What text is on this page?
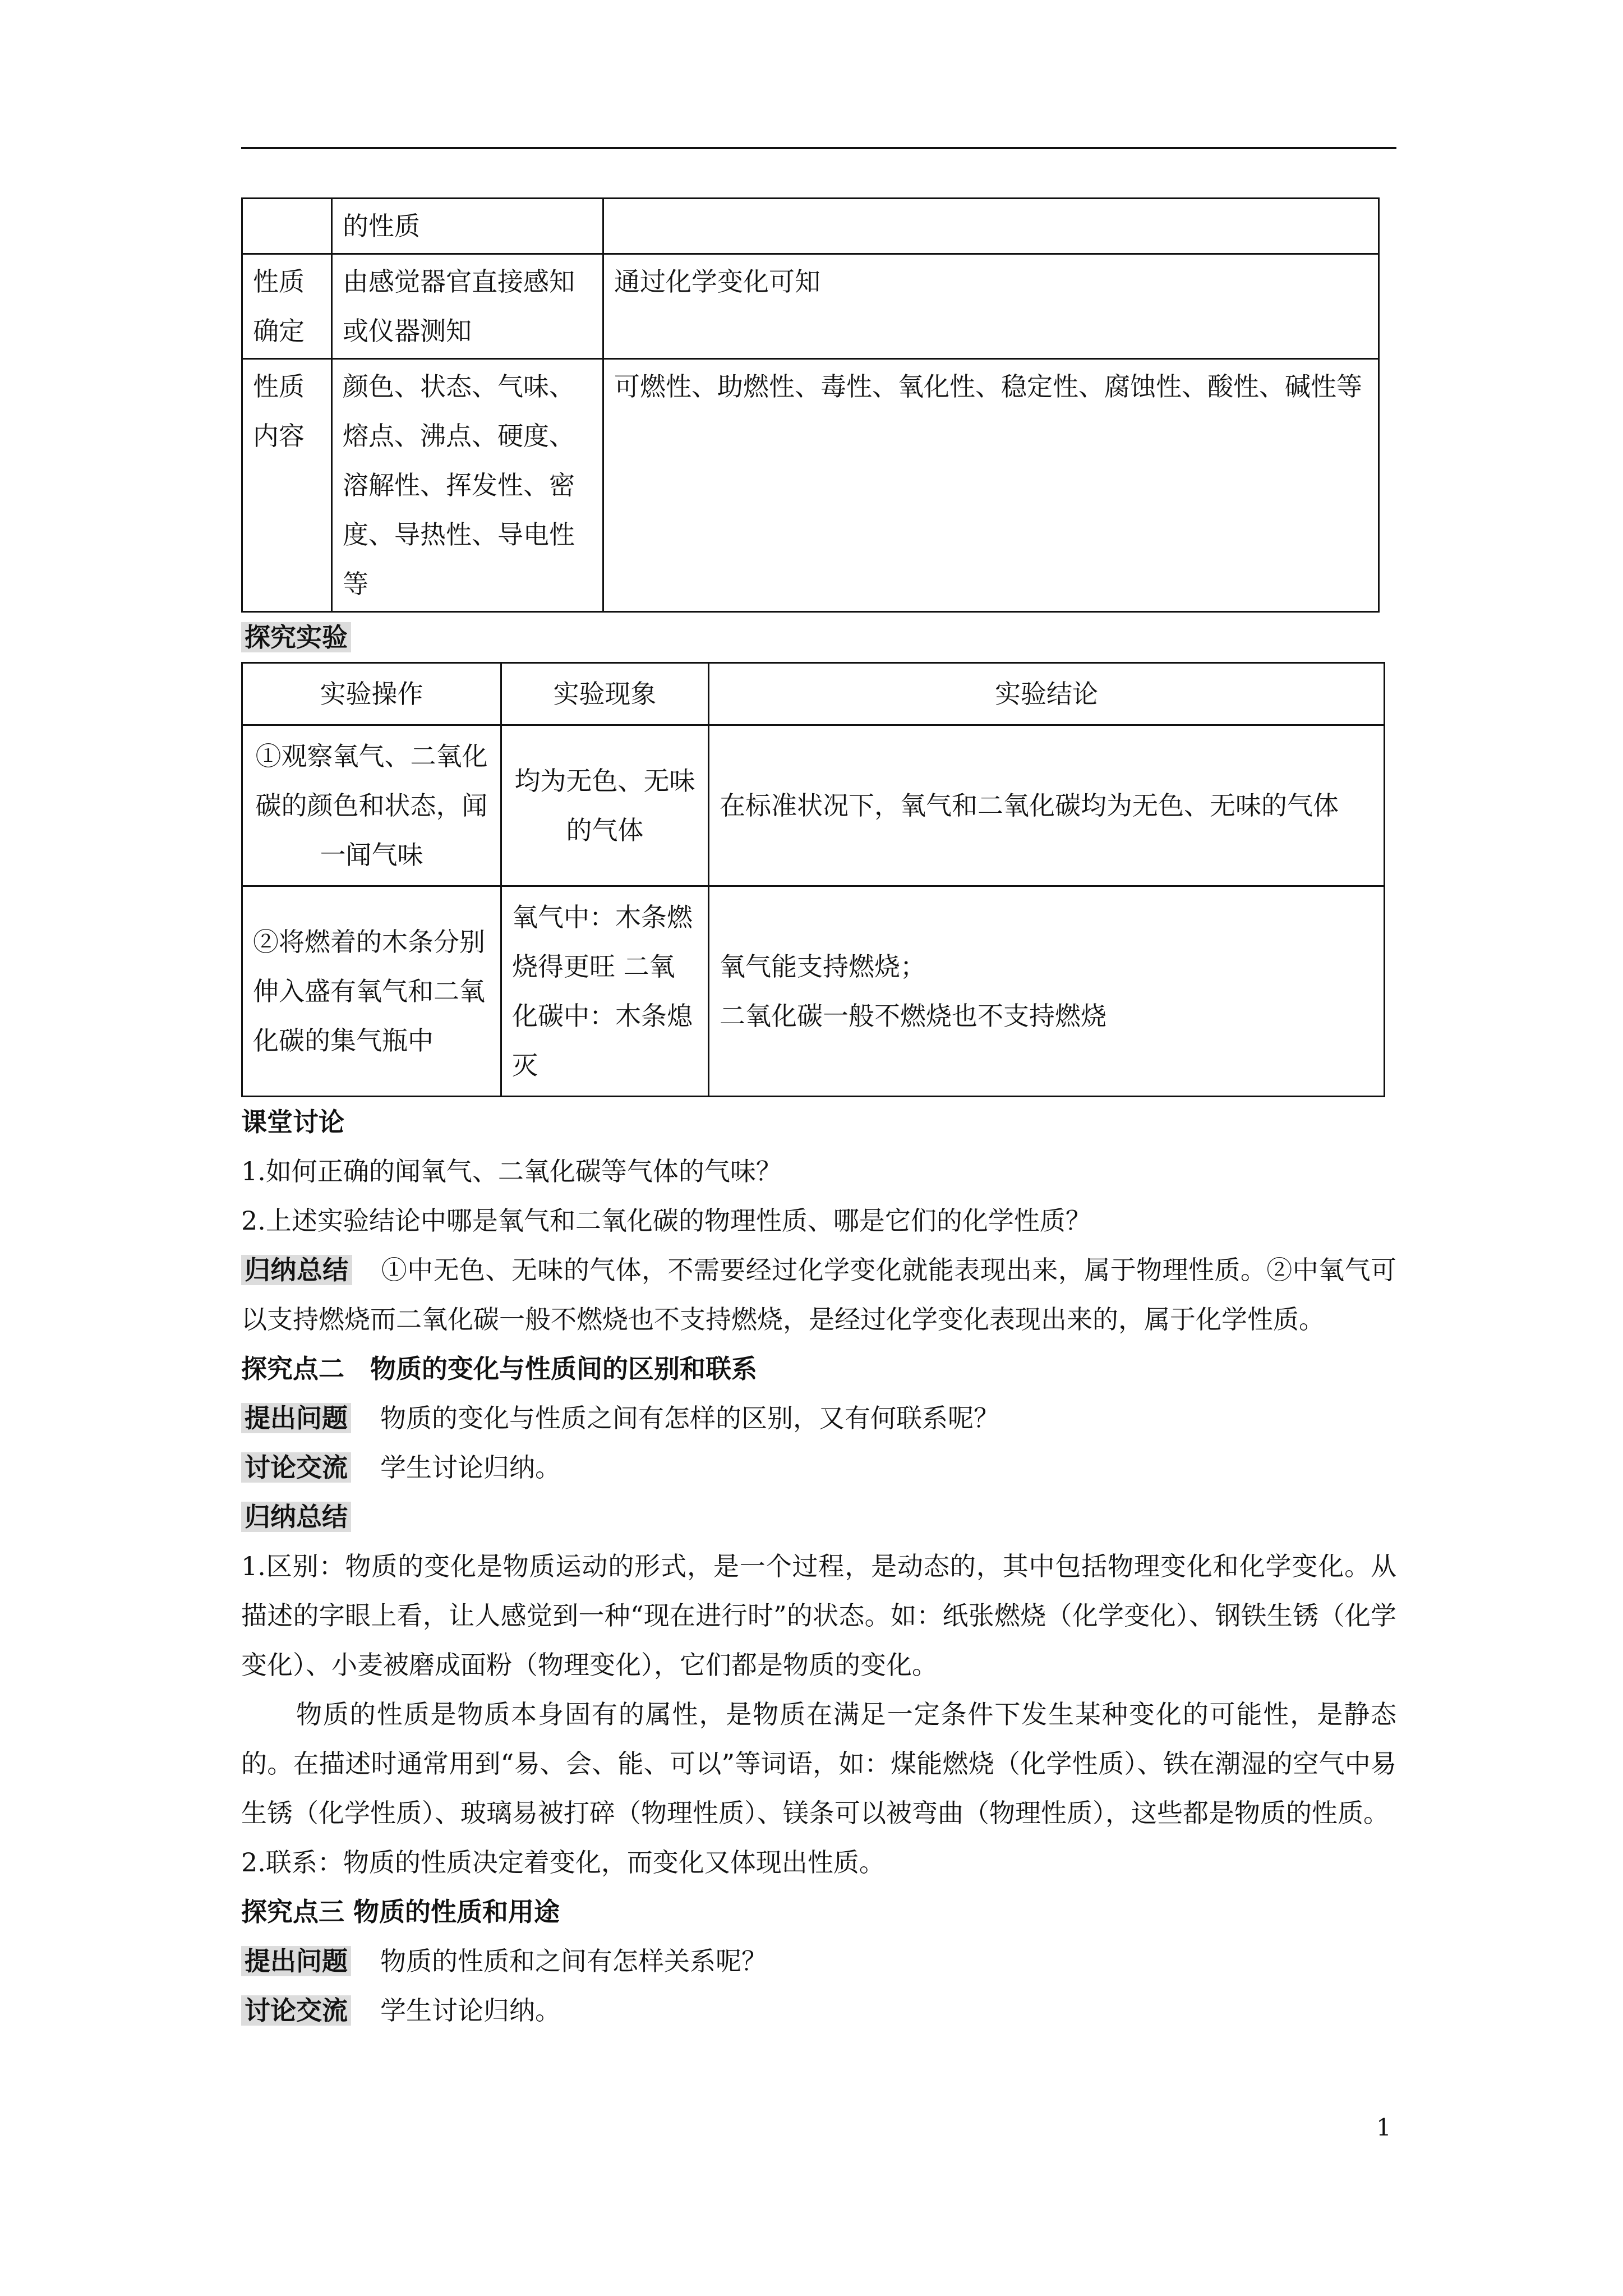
	的性质	
性质确定	由感觉器官直接感知或仪器测知	通过化学变化可知
性质内容	颜色、状态、气味、熔点、沸点、硬度、溶解性、挥发性、密度、导热性、导电性等	可燃性、助燃性、毒性、氧化性、稳定性、腐蚀性、酸性、碱性等

探究实验

实验操作	实验现象	实验结论
①观察氧气、二氧化碳的颜色和状态，闻一闻气味	均为无色、无味的气体	在标准状况下，氧气和二氧化碳均为无色、无味的气体
②将燃着的木条分别伸入盛有氧气和二氧化碳的集气瓶中	氧气中：木条燃烧得更旺 二氧化碳中：木条熄灭	氧气能支持燃烧；
二氧化碳一般不燃烧也不支持燃烧

课堂讨论

1.如何正确的闻氧气、二氧化碳等气体的气味？

2.上述实验结论中哪是氧气和二氧化碳的物理性质、哪是它们的化学性质？

归纳总结 ①中无色、无味的气体，不需要经过化学变化就能表现出来，属于物理性质。②中氧气可以支持燃烧而二氧化碳一般不燃烧也不支持燃烧，是经过化学变化表现出来的，属于化学性质。

探究点二　物质的变化与性质间的区别和联系

提出问题 物质的变化与性质之间有怎样的区别，又有何联系呢？

讨论交流 学生讨论归纳。

归纳总结

1.区别：物质的变化是物质运动的形式，是一个过程，是动态的，其中包括物理变化和化学变化。从描述的字眼上看，让人感觉到一种“现在进行时”的状态。如：纸张燃烧（化学变化）、钢铁生锈（化学变化）、小麦被磨成面粉（物理变化），它们都是物质的变化。

物质的性质是物质本身固有的属性，是物质在满足一定条件下发生某种变化的可能性，是静态的。在描述时通常用到“易、会、能、可以”等词语，如：煤能燃烧（化学性质）、铁在潮湿的空气中易生锈（化学性质）、玻璃易被打碎（物理性质）、镁条可以被弯曲（物理性质），这些都是物质的性质。

2.联系：物质的性质决定着变化，而变化又体现出性质。

探究点三 物质的性质和用途

提出问题 物质的性质和之间有怎样关系呢？

讨论交流 学生讨论归纳。

1
